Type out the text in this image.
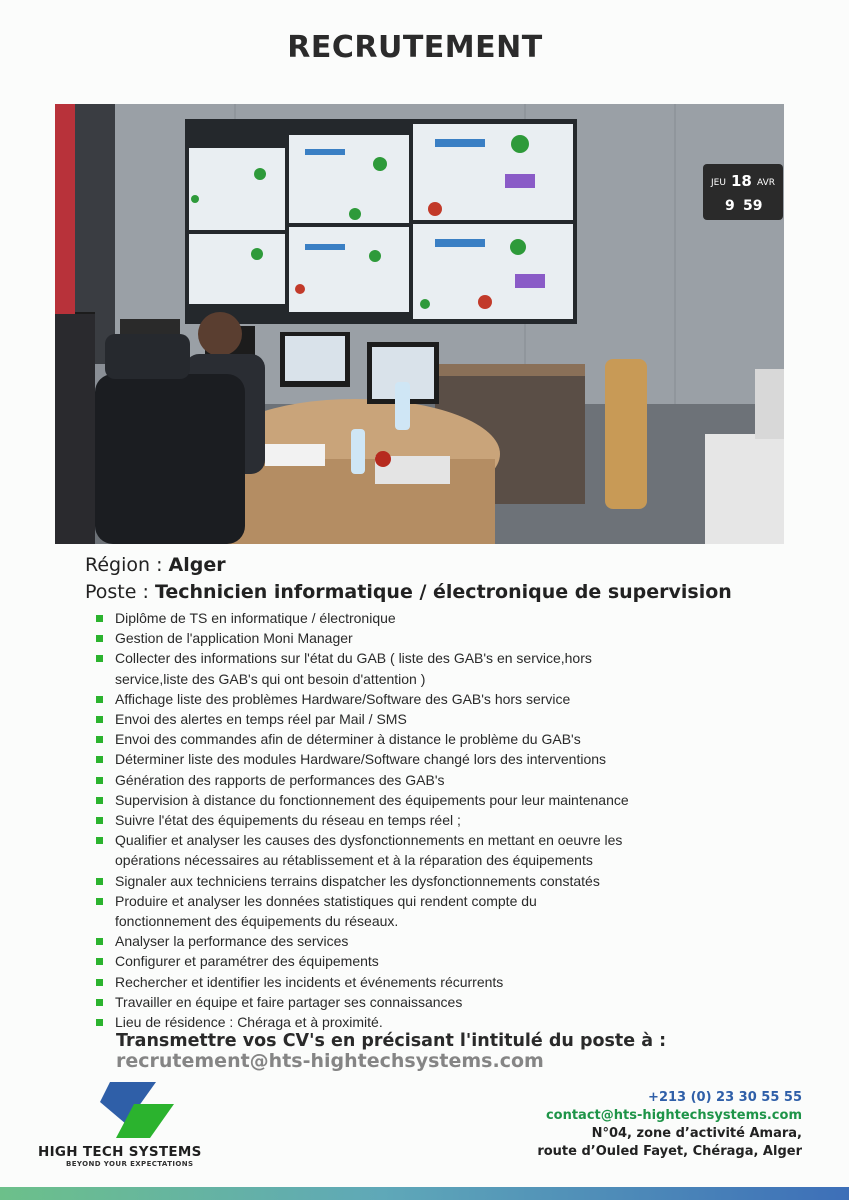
RECRUTEMENT
JEU 18 AVR
9 59
Région : Alger
Poste : Technicien informatique / électronique de supervision
Diplôme de TS en informatique / électronique
Gestion de l'application Moni Manager
Collecter des informations sur l'état du GAB ( liste des GAB's en service,hors
service,liste des GAB's qui ont besoin d'attention )
Affichage liste des problèmes Hardware/Software des GAB's hors service
Envoi des alertes en temps réel par Mail / SMS
Envoi des commandes afin de déterminer à distance le problème du GAB's
Déterminer liste des modules Hardware/Software changé lors des interventions
Génération des rapports de performances des GAB's
Supervision à distance du fonctionnement des équipements pour leur maintenance
Suivre l'état des équipements du réseau en temps réel ;
Qualifier et analyser les causes des dysfonctionnements en mettant en oeuvre les
opérations nécessaires au rétablissement et à la réparation des équipements
Signaler aux techniciens terrains dispatcher les dysfonctionnements constatés
Produire et analyser les données statistiques qui rendent compte du
fonctionnement des équipements du réseaux.
Analyser la performance des services
Configurer et paramétrer des équipements
Rechercher et identifier les incidents et événements récurrents
Travailler en équipe et faire partager ses connaissances
Lieu de résidence : Chéraga et à proximité.
Transmettre vos CV's en précisant l'intitulé du poste à :
recrutement@hts-hightechsystems.com
HIGH TECH SYSTEMS
BEYOND YOUR EXPECTATIONS
+213 (0) 23 30 55 55
contact@hts-hightechsystems.com
N°04, zone d’activité Amara,
route d’Ouled Fayet, Chéraga, Alger
